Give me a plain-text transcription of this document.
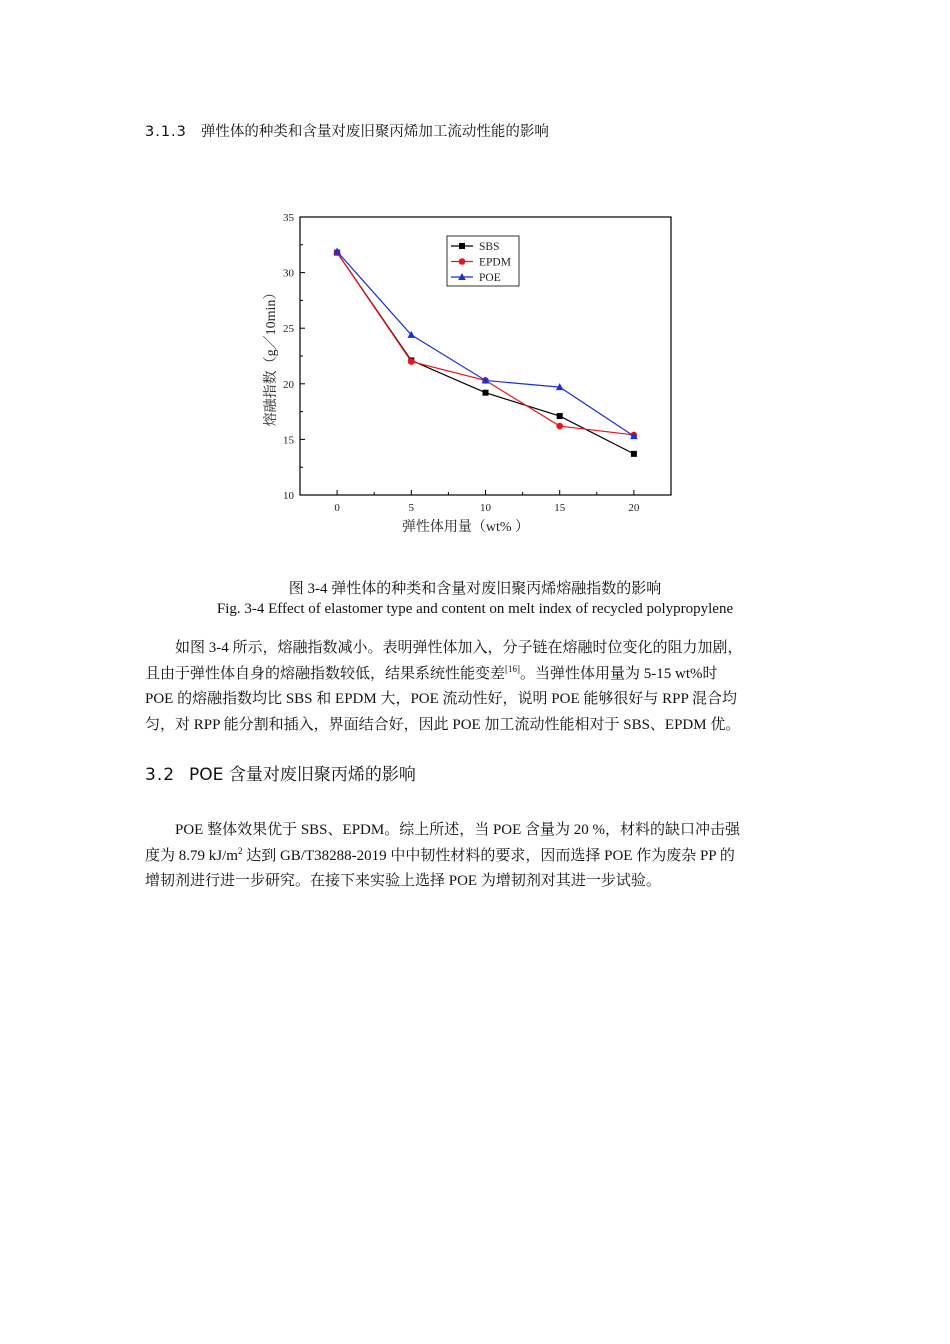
3.1.3 弹性体的种类和含量对废旧聚丙烯加工流动性能的影响
0	5	10	15	20
10
15
20
25
30
35
弹性体用量（wt% ）
熔融指数（g／10min）
SBS
EPDM
POE

图 3-4 弹性体的种类和含量对废旧聚丙烯熔融指数的影响

Fig. 3-4 Effect of elastomer type and content on melt index of recycled polypropylene

如图 3-4 所示，熔融指数减小。表明弹性体加入，分子链在熔融时位变化的阻力加剧，
且由于弹性体自身的熔融指数较低，结果系统性能变差[16]。当弹性体用量为 5-15 wt%时
POE 的熔融指数均比 SBS 和 EPDM 大，POE 流动性好，说明 POE 能够很好与 RPP 混合均
匀，对 RPP 能分割和插入，界面结合好，因此 POE 加工流动性能相对于 SBS、EPDM 优。
3.2 POE 含量对废旧聚丙烯的影响
POE 整体效果优于 SBS、EPDM。综上所述，当 POE 含量为 20 %，材料的缺口冲击强
度为 8.79 $kJ/m^2$ 达到 GB/T38288-2019 中中韧性材料的要求，因而选择 POE 作为废杂 PP 的
增韧剂进行进一步研究。在接下来实验上选择 POE 为增韧剂对其进一步试验。
